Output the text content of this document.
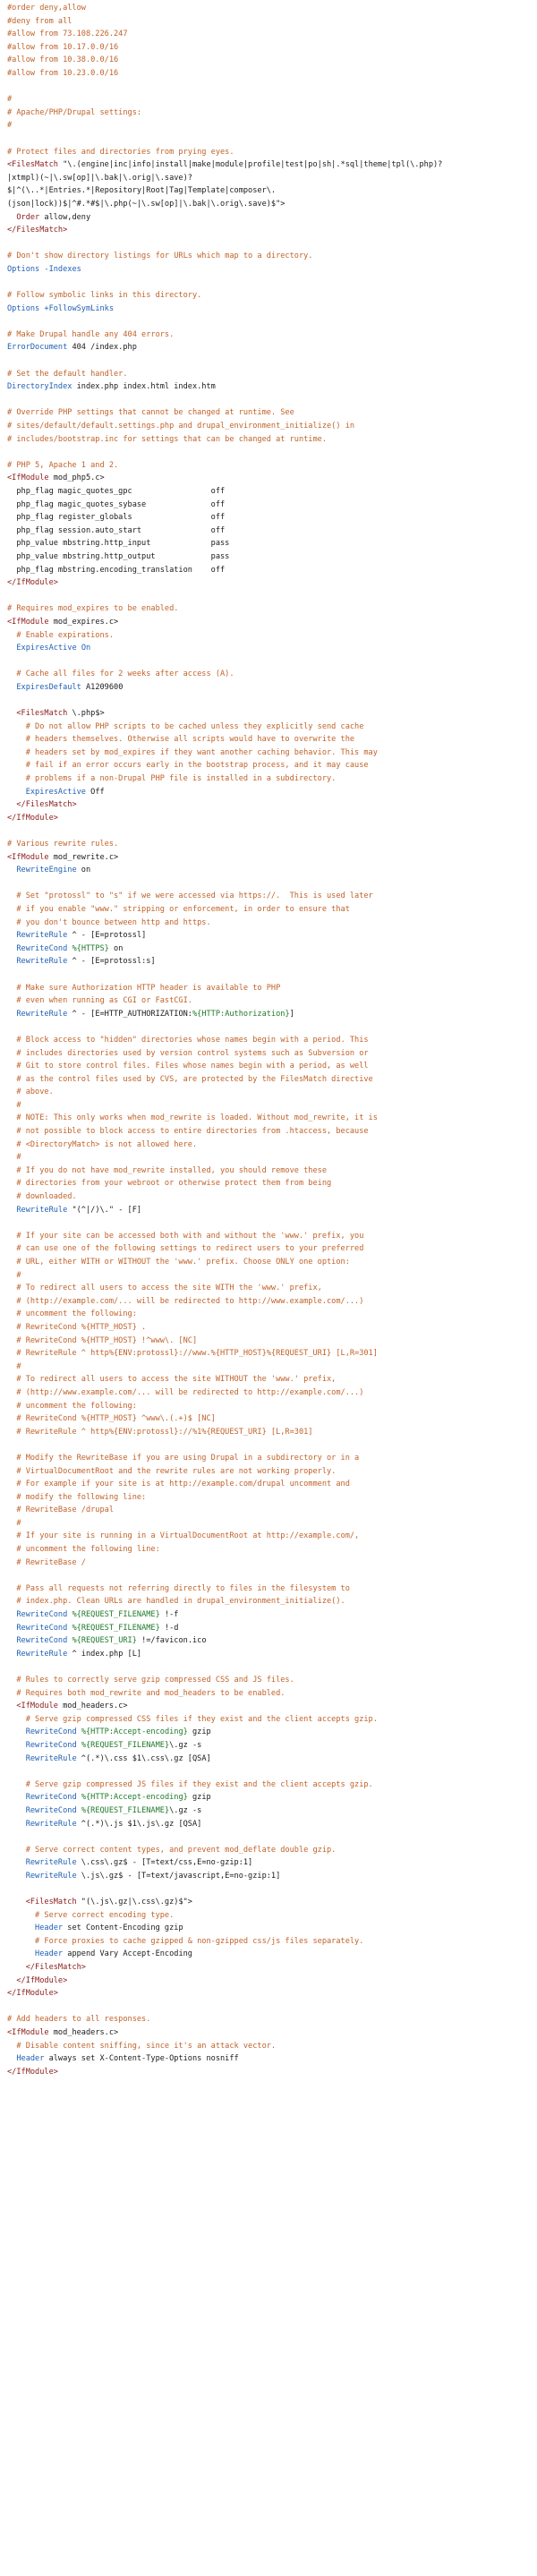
#order deny,allow
#deny from all
#allow from 73.108.226.247
#allow from 10.17.0.0/16
#allow from 10.38.0.0/16
#allow from 10.23.0.0/16

#
# Apache/PHP/Drupal settings:
#

# Protect files and directories from prying eyes.
<FilesMatch "\.(engine|inc|info|install|make|module|profile|test|po|sh|.*sql|theme|tpl(\.php)?
|xtmpl)(~|\.sw[op]|\.bak|\.orig|\.save)?
$|^(\..*|Entries.*|Repository|Root|Tag|Template|composer\.
(json|lock))$|^#.*#$|\.php(~|\.sw[op]|\.bak|\.orig\.save)$">
Order allow,deny
</FilesMatch>

# Don't show directory listings for URLs which map to a directory.
Options -Indexes

# Follow symbolic links in this directory.
Options +FollowSymLinks

# Make Drupal handle any 404 errors.
ErrorDocument 404 /index.php

# Set the default handler.
DirectoryIndex index.php index.html index.htm

# Override PHP settings that cannot be changed at runtime. See
# sites/default/default.settings.php and drupal_environment_initialize() in
# includes/bootstrap.inc for settings that can be changed at runtime.

# PHP 5, Apache 1 and 2.
<IfModule mod_php5.c>
php_flag magic_quotes_gpc                 off
php_flag magic_quotes_sybase              off
php_flag register_globals                 off
php_flag session.auto_start               off
php_value mbstring.http_input             pass
php_value mbstring.http_output            pass
php_flag mbstring.encoding_translation    off
</IfModule>

# Requires mod_expires to be enabled.
<IfModule mod_expires.c>
# Enable expirations.
ExpiresActive On

# Cache all files for 2 weeks after access (A).
ExpiresDefault A1209600

<FilesMatch \.php$>
# Do not allow PHP scripts to be cached unless they explicitly send cache
# headers themselves. Otherwise all scripts would have to overwrite the
# headers set by mod_expires if they want another caching behavior. This may
# fail if an error occurs early in the bootstrap process, and it may cause
# problems if a non-Drupal PHP file is installed in a subdirectory.
ExpiresActive Off
</FilesMatch>
</IfModule>

# Various rewrite rules.
<IfModule mod_rewrite.c>
RewriteEngine on

# Set "protossl" to "s" if we were accessed via https://.  This is used later
# if you enable "www." stripping or enforcement, in order to ensure that
# you don't bounce between http and https.
RewriteRule ^ - [E=protossl]
RewriteCond %{HTTPS} on
RewriteRule ^ - [E=protossl:s]

# Make sure Authorization HTTP header is available to PHP
# even when running as CGI or FastCGI.
RewriteRule ^ - [E=HTTP_AUTHORIZATION:%{HTTP:Authorization}]

# Block access to "hidden" directories whose names begin with a period. This
# includes directories used by version control systems such as Subversion or
# Git to store control files. Files whose names begin with a period, as well
# as the control files used by CVS, are protected by the FilesMatch directive
# above.
#
# NOTE: This only works when mod_rewrite is loaded. Without mod_rewrite, it is
# not possible to block access to entire directories from .htaccess, because
# <DirectoryMatch> is not allowed here.
#
# If you do not have mod_rewrite installed, you should remove these
# directories from your webroot or otherwise protect them from being
# downloaded.
RewriteRule "(^|/)\." - [F]

# If your site can be accessed both with and without the 'www.' prefix, you
# can use one of the following settings to redirect users to your preferred
# URL, either WITH or WITHOUT the 'www.' prefix. Choose ONLY one option:
#
# To redirect all users to access the site WITH the 'www.' prefix,
# (http://example.com/... will be redirected to http://www.example.com/...)
# uncomment the following:
# RewriteCond %{HTTP_HOST} .
# RewriteCond %{HTTP_HOST} !^www\. [NC]
# RewriteRule ^ http%{ENV:protossl}://www.%{HTTP_HOST}%{REQUEST_URI} [L,R=301]
#
# To redirect all users to access the site WITHOUT the 'www.' prefix,
# (http://www.example.com/... will be redirected to http://example.com/...)
# uncomment the following:
# RewriteCond %{HTTP_HOST} ^www\.(.+)$ [NC]
# RewriteRule ^ http%{ENV:protossl}://%1%{REQUEST_URI} [L,R=301]

# Modify the RewriteBase if you are using Drupal in a subdirectory or in a
# VirtualDocumentRoot and the rewrite rules are not working properly.
# For example if your site is at http://example.com/drupal uncomment and
# modify the following line:
# RewriteBase /drupal
#
# If your site is running in a VirtualDocumentRoot at http://example.com/,
# uncomment the following line:
# RewriteBase /

# Pass all requests not referring directly to files in the filesystem to
# index.php. Clean URLs are handled in drupal_environment_initialize().
RewriteCond %{REQUEST_FILENAME} !-f
RewriteCond %{REQUEST_FILENAME} !-d
RewriteCond %{REQUEST_URI} !=/favicon.ico
RewriteRule ^ index.php [L]

# Rules to correctly serve gzip compressed CSS and JS files.
# Requires both mod_rewrite and mod_headers to be enabled.
<IfModule mod_headers.c>
# Serve gzip compressed CSS files if they exist and the client accepts gzip.
RewriteCond %{HTTP:Accept-encoding} gzip
RewriteCond %{REQUEST_FILENAME}\.gz -s
RewriteRule ^(.*)\.css $1\.css\.gz [QSA]

# Serve gzip compressed JS files if they exist and the client accepts gzip.
RewriteCond %{HTTP:Accept-encoding} gzip
RewriteCond %{REQUEST_FILENAME}\.gz -s
RewriteRule ^(.*)\.js $1\.js\.gz [QSA]

# Serve correct content types, and prevent mod_deflate double gzip.
RewriteRule \.css\.gz$ - [T=text/css,E=no-gzip:1]
RewriteRule \.js\.gz$ - [T=text/javascript,E=no-gzip:1]

<FilesMatch "(\.js\.gz|\.css\.gz)$">
# Serve correct encoding type.
Header set Content-Encoding gzip
# Force proxies to cache gzipped & non-gzipped css/js files separately.
Header append Vary Accept-Encoding
</FilesMatch>
</IfModule>
</IfModule>

# Add headers to all responses.
<IfModule mod_headers.c>
# Disable content sniffing, since it's an attack vector.
Header always set X-Content-Type-Options nosniff
</IfModule>
